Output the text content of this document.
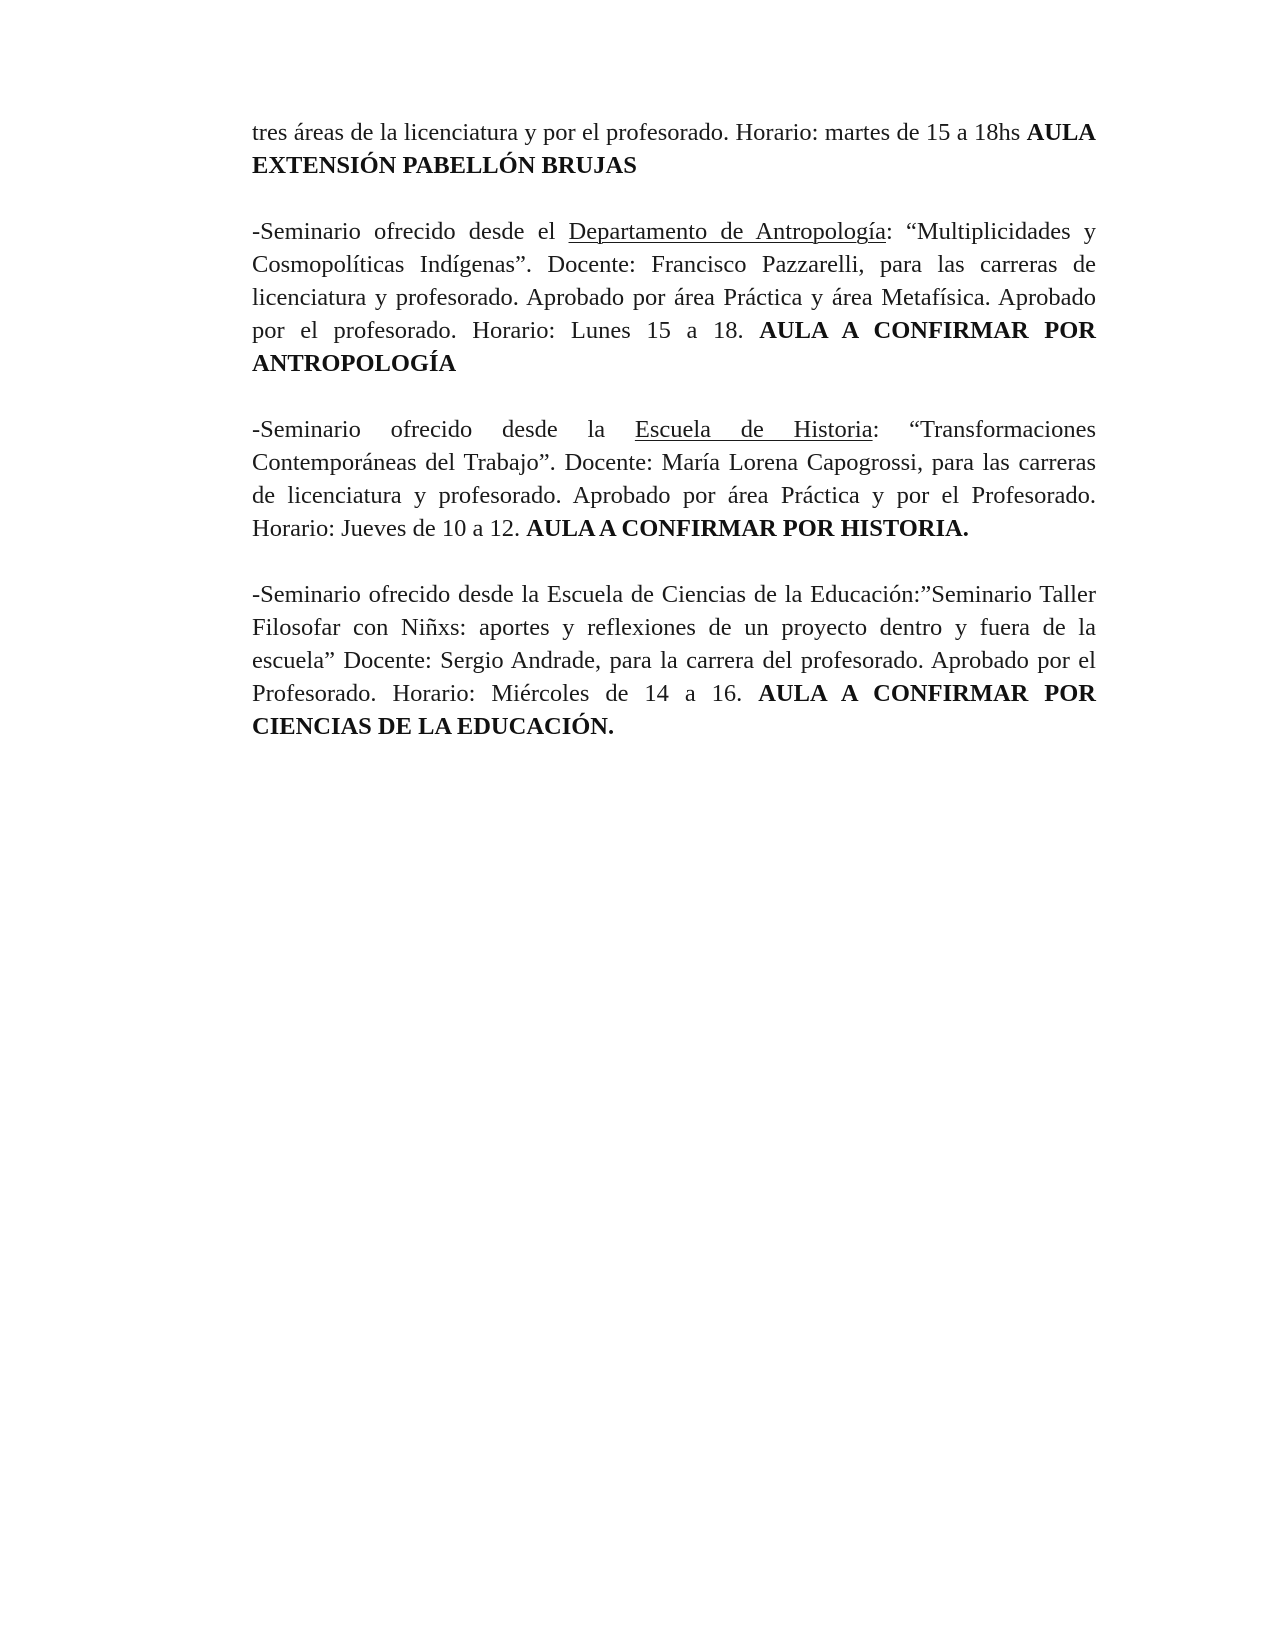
tres áreas de la licenciatura y por el profesorado. Horario: martes de 15 a 18hs AULA EXTENSIÓN PABELLÓN BRUJAS

-Seminario ofrecido desde el Departamento de Antropología: “Multiplicidades y Cosmopolíticas Indígenas”. Docente: Francisco Pazzarelli, para las carreras de licenciatura y profesorado. Aprobado por área Práctica y área Metafísica. Aprobado por el profesorado. Horario: Lunes 15 a 18. AULA A CONFIRMAR POR ANTROPOLOGÍA

-Seminario ofrecido desde la Escuela de Historia: “Transformaciones Contemporáneas del Trabajo”. Docente: María Lorena Capogrossi, para las carreras de licenciatura y profesorado. Aprobado por área Práctica y por el Profesorado. Horario: Jueves de 10 a 12. AULA A CONFIRMAR POR HISTORIA.

-Seminario ofrecido desde la Escuela de Ciencias de la Educación:”Seminario Taller Filosofar con Niñxs: aportes y reflexiones de un proyecto dentro y fuera de la escuela” Docente: Sergio Andrade, para la carrera del profesorado. Aprobado por el Profesorado. Horario: Miércoles de 14 a 16. AULA A CONFIRMAR POR CIENCIAS DE LA EDUCACIÓN.
